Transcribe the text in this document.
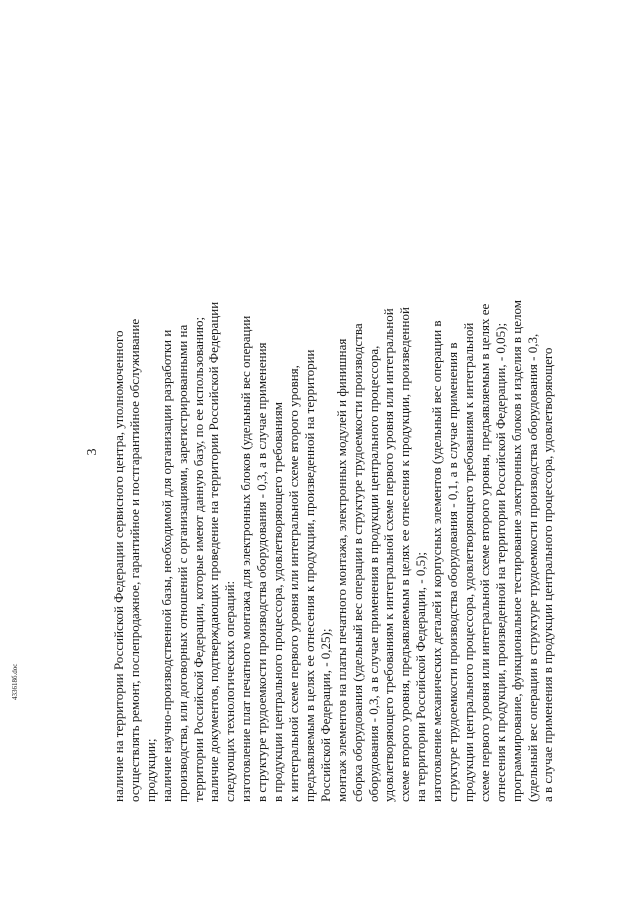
3 наличие на территории Российской Федерации сервисного центра, уполномоченного осуществлять ремонт, послепродажное, гарантийное и постгарантийное обслуживание продукции; наличие научно-производственной базы, необходимой для организации разработки и производства, или договорных отношений с организациями, зарегистрированными на территории Российской Федерации, которые имеют данную базу, по ее использованию; наличие документов, подтверждающих проведение на территории Российской Федерации следующих технологических операций: изготовление плат печатного монтажа для электронных блоков (удельный вес операции в структуре трудоемкости производства оборудования - 0,3, а в случае применения в продукции центрального процессора, удовлетворяющего требованиям к интегральной схеме первого уровня или интегральной схеме второго уровня, предъявляемым в целях ее отнесения к продукции, произведенной на территории Российской Федерации, - 0,25); монтаж элементов на платы печатного монтажа, электронных модулей и финишная сборка оборудования (удельный вес операции в структуре трудоемкости производства оборудования - 0,3, а в случае применения в продукции центрального процессора, удовлетворяющего требованиям к интегральной схеме первого уровня или интегральной схеме второго уровня, предъявляемым в целях ее отнесения к продукции, произведенной на территории Российской Федерации, - 0,5); изготовление механических деталей и корпусных элементов (удельный вес операции в структуре трудоемкости производства оборудования - 0,1, а в случае применения в продукции центрального процессора, удовлетворяющего требованиям к интегральной схеме первого уровня или интегральной схеме второго уровня, предъявляемым в целях ее отнесения к продукции, произведенной на территории Российской Федерации, - 0,05); программирование, функциональное тестирование электронных блоков и изделия в целом (удельный вес операции в структуре трудоемкости производства оборудования - 0,3, а в случае применения в продукции центрального процессора, удовлетворяющего
433618б.doc
